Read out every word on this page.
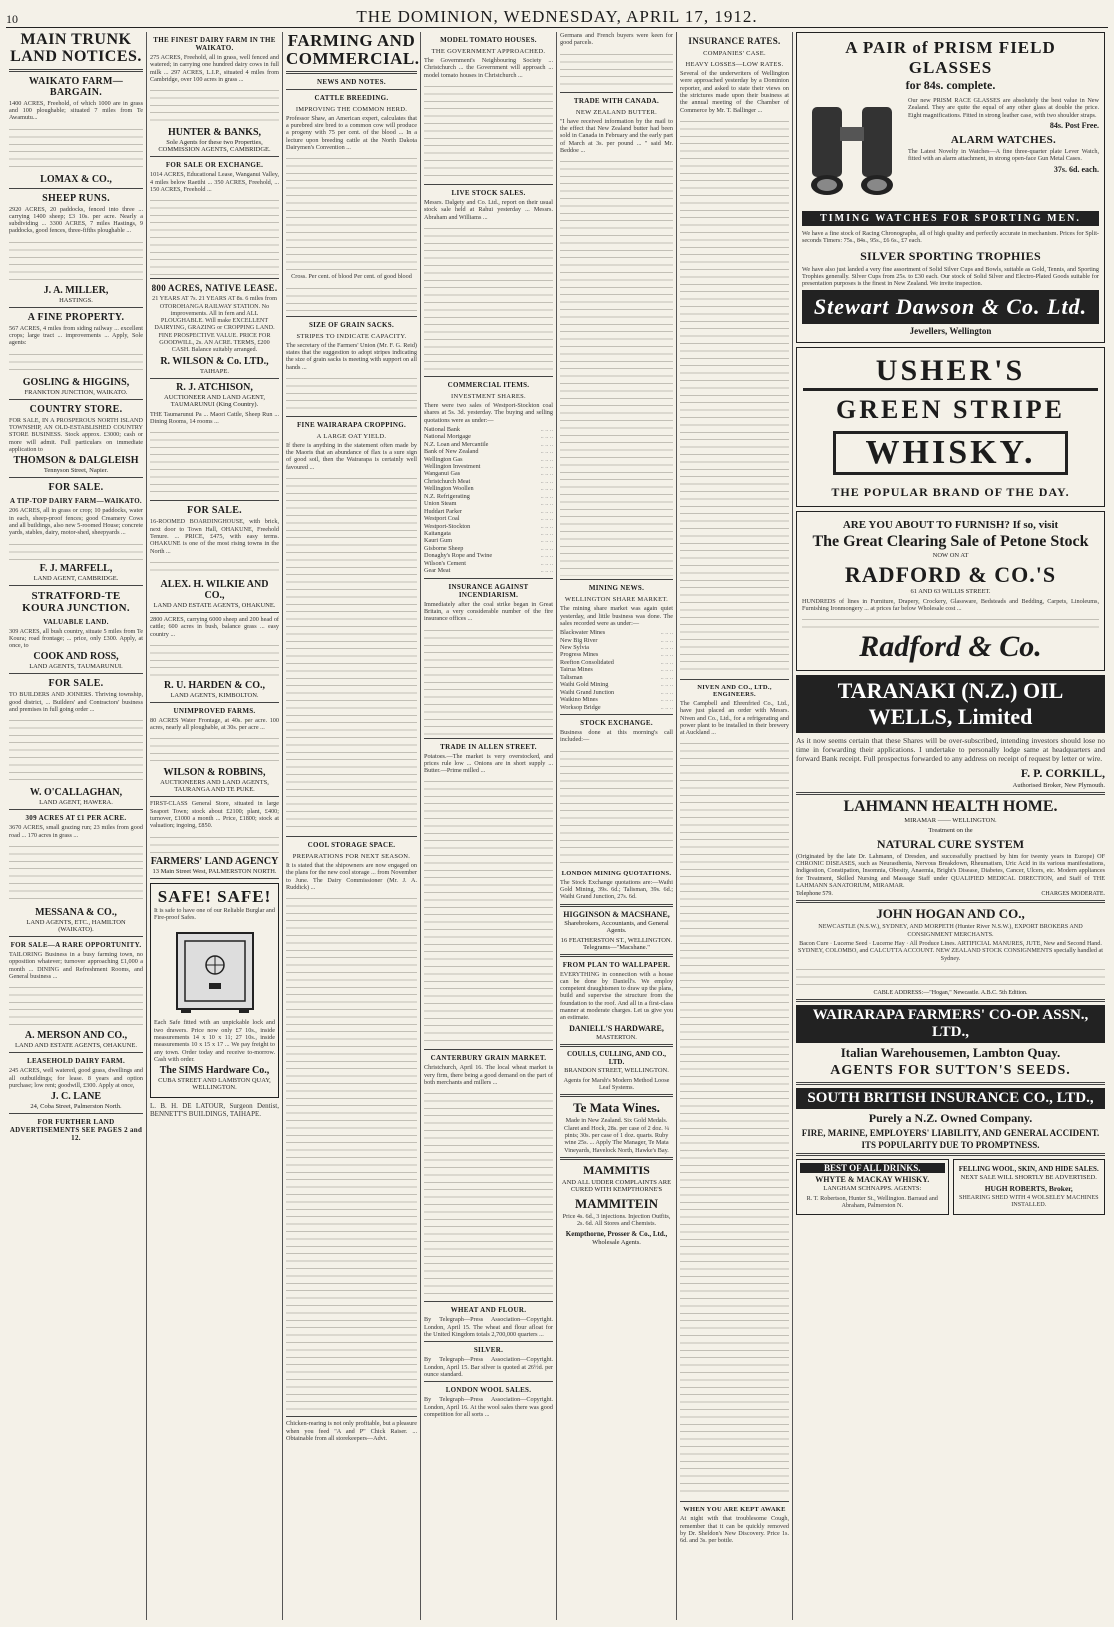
10	THE DOMINION, WEDNESDAY, APRIL 17, 1912.
MAIN TRUNK LAND NOTICES.
WAIKATO FARM—BARGAIN.
1400 ACRES, Freehold, of which 1000 are in grass and 100 ploughable; situated 7 miles from Te Awamutu...
LOMAX & CO.,
SHEEP RUNS.
2920 ACRES, 20 paddocks, fenced into three ... carrying 1400 sheep; £3 10s. per acre. Nearly a subdividing ... 3300 ACRES, 7 miles Hastings, 9 paddocks, good fences, three-fifths ploughable ...
J. A. MILLER,
HASTINGS.
A FINE PROPERTY.
567 ACRES, 4 miles from siding railway ... excellent crops; large tract ... improvements ... Apply, Sole agents:
GOSLING & HIGGINS,
FRANKTON JUNCTION, WAIKATO.
COUNTRY STORE.
FOR SALE, IN A PROSPEROUS NORTH ISLAND TOWNSHIP, AN OLD-ESTABLISHED COUNTRY STORE BUSINESS. Stock approx. £3000; cash or more will admit. Full particulars on immediate application to
THOMSON & DALGLEISH
Tennyson Street, Napier.
FOR SALE.
A TIP-TOP DAIRY FARM—WAIKATO.
206 ACRES, all in grass or crop; 10 paddocks, water in each, sheep-proof fences; good Creamery Cows and all buildings, also new 5-roomed House; concrete yards, stables, dairy, motor-shed, sheepyards ...
F. J. MARFELL,
LAND AGENT, CAMBRIDGE.
STRATFORD-TE KOURA JUNCTION.
VALUABLE LAND.
309 ACRES, all bush country, situate 5 miles from Te Koura; road frontage; ... price, only £300. Apply, at once, to
COOK AND ROSS,
LAND AGENTS, TAUMARUNUI.
FOR SALE.
TO BUILDERS AND JOINERS. Thriving township, good district, ... Builders' and Contractors' business and premises in full going order ...
W. O'CALLAGHAN,
LAND AGENT, HAWERA.
309 ACRES AT £1 PER ACRE.
3670 ACRES, small grazing run; 23 miles from good road ... 170 acres in grass ...
MESSANA & CO.,
LAND AGENTS, ETC., HAMILTON (WAIKATO).
FOR SALE—A RARE OPPORTUNITY.
TAILORING Business in a busy farming town, no opposition whatever; turnover approaching £1,000 a month ... DINING and Refreshment Rooms, and General business ...
A. MERSON AND CO.,
LAND AND ESTATE AGENTS, OHAKUNE.
LEASEHOLD DAIRY FARM.
245 ACRES, well watered, good grass, dwellings and all outbuildings; for lease. 8 years and option purchase; low rent; goodwill, £300. Apply at once,
J. C. LANE
24, Coba Street, Palmerston North.
FOR FURTHER LAND ADVERTISEMENTS SEE PAGES 2 and 12.
THE FINEST DAIRY FARM IN THE WAIKATO.
275 ACRES, Freehold, all in grass, well fenced and watered; in carrying one hundred dairy cows in full milk ... 297 ACRES, L.I.P., situated 4 miles from Cambridge, over 100 acres in grass ...
HUNTER & BANKS,
Sole Agents for these two Properties, COMMISSION AGENTS, CAMBRIDGE.
FOR SALE OR EXCHANGE.
1014 ACRES, Educational Lease, Wanganui Valley, 4 miles below Raetihi ... 350 ACRES, Freehold, ... 150 ACRES, Freehold ...
800 ACRES, NATIVE LEASE.
21 YEARS AT 7s. 21 YEARS AT 8s. 6 miles from OTOROHANGA RAILWAY STATION. No improvements. All in fern and ALL PLOUGHABLE. Will make EXCELLENT DAIRYING, GRAZING or CROPPING LAND. FINE PROSPECTIVE VALUE. PRICE FOR GOODWILL, 2s. AN ACRE. TERMS, £200 CASH. Balance suitably arranged.
R. WILSON & Co. LTD.,
TAIHAPE.
R. J. ATCHISON,
AUCTIONEER AND LAND AGENT, TAUMARUNUI (King Country).
THE Taumarunui Pa ... Maori Cattle, Sheep Run ... Dining Rooms, 14 rooms ...
FOR SALE.
16-ROOMED BOARDINGHOUSE, with brick, next door to Town Hall, OHAKUNE, Freehold Tenure. ... PRICE, £475, with easy terms. OHAKUNE is one of the most rising towns in the North ...
ALEX. H. WILKIE AND CO.,
LAND AND ESTATE AGENTS, OHAKUNE.
2800 ACRES, carrying 6000 sheep and 200 head of cattle; 600 acres in bush, balance grass ... easy country ...
R. U. HARDEN & CO.,
LAND AGENTS, KIMBOLTON.
UNIMPROVED FARMS.
80 ACRES Water Frontage, at 40s. per acre. 100 acres, nearly all ploughable, at 30s. per acre ...
WILSON & ROBBINS,
AUCTIONEERS AND LAND AGENTS, TAURANGA AND TE PUKE.
FIRST-CLASS General Store, situated in large Seaport Town; stock about £2100; plant, £400; turnover, £1000 a month ... Price, £1800; stock at valuation; ingoing, £850.
FARMERS' LAND AGENCY
13 Main Street West, PALMERSTON NORTH.
SAFE! SAFE!
It is safe to have one of our Reliable Burglar and Fire-proof Safes.
Each Safe fitted with an unpickable lock and two drawers. Price now only £7 10s., inside measurements 14 x 10 x 11; 27 10s., inside measurements 10 x 15 x 17 ... We pay freight to any town. Order today and receive to-morrow. Cash with order.
The SIMS Hardware Co.,
CUBA STREET AND LAMBTON QUAY, WELLINGTON.
L. B. H. DE LATOUR, Surgeon Dentist, BENNETT'S BUILDINGS, TAIHAPE.
FARMING AND COMMERCIAL.
NEWS AND NOTES.
CATTLE BREEDING.
IMPROVING THE COMMON HERD.
Professor Shaw, an American expert, calculates that a purebred sire bred to a common cow will produce a progeny with 75 per cent. of the blood ... In a lecture upon breeding cattle at the North Dakota Dairymen's Convention ...
Cross. Per cent. of blood Per cent. of good blood
SIZE OF GRAIN SACKS.
STRIPES TO INDICATE CAPACITY.
The secretary of the Farmers' Union (Mr. F. G. Reid) states that the suggestion to adopt stripes indicating the size of grain sacks is meeting with support on all hands ...
FINE WAIRARAPA CROPPING.
A LARGE OAT YIELD.
If there is anything in the statement often made by the Maoris that an abundance of flax is a sure sign of good soil, then the Wairarapa is certainly well favoured ...
COOL STORAGE SPACE.
PREPARATIONS FOR NEXT SEASON.
It is stated that the shipowners are now engaged on the plans for the new cool storage ... from November to June. The Dairy Commissioner (Mr. J. A. Ruddick) ...
Chicken-rearing is not only profitable, but a pleasure when you feed "A and P" Chick Raiser. ... Obtainable from all storekeepers—Advt.
MODEL TOMATO HOUSES.
THE GOVERNMENT APPROACHED.
The Government's Neighbouring Society ... Christchurch ... the Government will approach ... model tomato houses in Christchurch ...
LIVE STOCK SALES.
Messrs. Dalgety and Co. Ltd., report on their usual stock sale held at Rahui yesterday ... Messrs. Abraham and Williams ...
COMMERCIAL ITEMS.
INVESTMENT SHARES.
There were two sales of Westport-Stockton coal shares at 5s. 3d. yesterday. The buying and selling quotations were as under:—
National Bank	.. .. ..
National Mortgage	.. .. ..
N.Z. Loan and Mercantile	.. .. ..
Bank of New Zealand	.. .. ..
Wellington Gas	.. .. ..
Wellington Investment	.. .. ..
Wanganui Gas	.. .. ..
Christchurch Meat	.. .. ..
Wellington Woollen	.. .. ..
N.Z. Refrigerating	.. .. ..
Union Steam	.. .. ..
Huddart Parker	.. .. ..
Westport Coal	.. .. ..
Westport-Stockton	.. .. ..
Kaitangata	.. .. ..
Kauri Gum	.. .. ..
Gisborne Sheep	.. .. ..
Donaghy's Rope and Twine	.. .. ..
Wilson's Cement	.. .. ..
Gear Meat	.. .. ..
INSURANCE AGAINST INCENDIARISM.
Immediately after the coal strike began in Great Britain, a very considerable number of the fire insurance offices ...
TRADE IN ALLEN STREET.
Potatoes.—The market is very overstocked, and prices rule low ... Onions are in short supply ... Butter.—Prime milled ...
CANTERBURY GRAIN MARKET.
Christchurch, April 16. The local wheat market is very firm, there being a good demand on the part of both merchants and millers ...
WHEAT AND FLOUR.
By Telegraph—Press Association—Copyright. London, April 15. The wheat and flour afloat for the United Kingdom totals 2,700,000 quarters ...
SILVER.
By Telegraph—Press Association—Copyright. London, April 15. Bar silver is quoted at 26½d. per ounce standard.
LONDON WOOL SALES.
By Telegraph—Press Association—Copyright. London, April 16. At the wool sales there was good competition for all sorts ...
Germans and French buyers were keen for good parcels.
TRADE WITH CANADA.
NEW ZEALAND BUTTER.
"I have received information by the mail to the effect that New Zealand butter had been sold in Canada in February and the early part of March at 3s. per pound ... " said Mr. Beddoe ...
MINING NEWS.
WELLINGTON SHARE MARKET.
The mining share market was again quiet yesterday, and little business was done. The sales recorded were as under:—
Blackwater Mines	.. .. ..
New Big River	.. .. ..
New Sylvia	.. .. ..
Progress Mines	.. .. ..
Reefton Consolidated	.. .. ..
Tairua Mines	.. .. ..
Talisman	.. .. ..
Waihi Gold Mining	.. .. ..
Waihi Grand Junction	.. .. ..
Waikino Mines	.. .. ..
Worksop Bridge	.. .. ..
STOCK EXCHANGE.
Business done at this morning's call included:—
LONDON MINING QUOTATIONS.
The Stock Exchange quotations are:—Waihi Gold Mining, 39s. 6d.; Talisman, 39s. 6d.; Waihi Grand Junction, 27s. 6d.
HIGGINSON & MACSHANE,
Sharebrokers, Accountants, and General Agents.
16 FEATHERSTON ST., WELLINGTON. Telegrams—"Macshane."
FROM PLAN TO WALLPAPER.
EVERYTHING in connection with a house can be done by Daniell's. We employ competent draughtsmen to draw up the plans, build and supervise the structure from the foundation to the roof. And all in a first-class manner at moderate charges. Let us give you an estimate.
DANIELL'S HARDWARE,
MASTERTON.
COULLS, CULLING, AND CO., LTD.
BRANDON STREET, WELLINGTON.
Agents for Marsh's Modern Method Loose Leaf Systems.
Te Mata Wines.
Made in New Zealand. Six Gold Medals. Claret and Hock, 28s. per case of 2 doz. ¼ pints; 30s. per case of 1 doz. quarts. Ruby wine 25s. ... Apply The Manager, Te Mata Vineyards, Havelock North, Hawke's Bay.
MAMMITIS
AND ALL UDDER COMPLAINTS ARE CURED WITH KEMPTHORNE'S
MAMMITEIN
Price 4s. 6d., 3 injections. Injection Outfits, 2s. 6d. All Stores and Chemists.
Kempthorne, Prosser & Co., Ltd.,
Wholesale Agents.
INSURANCE RATES.
COMPANIES' CASE.
HEAVY LOSSES—LOW RATES.
Several of the underwriters of Wellington were approached yesterday by a Dominion reporter, and asked to state their views on the strictures made upon their business at the annual meeting of the Chamber of Commerce by Mr. T. Ballinger ...
NIVEN AND CO., LTD., ENGINEERS.
The Campbell and Ehrenfried Co., Ltd., have just placed an order with Messrs. Niven and Co., Ltd., for a refrigerating and power plant to be installed in their brewery at Auckland ...
WHEN YOU ARE KEPT AWAKE
At night with that troublesome Cough, remember that it can be quickly removed by Dr. Sheldon's New Discovery. Price 1s. 6d. and 3s. per bottle.
A PAIR of PRISM FIELD GLASSES
for 84s. complete.
Our new PRISM RACE GLASSES are absolutely the best value in New Zealand. They are quite the equal of any other glass at double the price. Eight magnifications. Fitted in strong leather case, with two shoulder straps.
84s. Post Free.
ALARM WATCHES.
The Latest Novelty in Watches—A fine three-quarter plate Lever Watch, fitted with an alarm attachment, in strong open-face Gun Metal Cases.
37s. 6d. each.
TIMING WATCHES FOR SPORTING MEN.
We have a fine stock of Racing Chronographs, all of high quality and perfectly accurate in mechanism. Prices for Split-seconds Timers: 75s., 84s., 95s., £6 6s., £7 each.
SILVER SPORTING TROPHIES
We have also just landed a very fine assortment of Solid Silver Cups and Bowls, suitable as Gold, Tennis, and Sporting Trophies generally. Silver Cups from 25s. to £30 each. Our stock of Solid Silver and Electro-Plated Goods suitable for presentation purposes is the finest in New Zealand. We invite inspection.
Stewart Dawson & Co. Ltd.
Jewellers, Wellington
USHER'S
GREEN STRIPE
WHISKY.
THE POPULAR BRAND OF THE DAY.
ARE YOU ABOUT TO FURNISH? If so, visit
The Great Clearing Sale of Petone Stock
NOW ON AT
RADFORD & CO.'S
61 AND 63 WILLIS STREET.
HUNDREDS of lines in Furniture, Drapery, Crockery, Glassware, Bedsteads and Bedding, Carpets, Linoleums, Furnishing Ironmongery ... at prices far below Wholesale cost ...
Radford & Co.
TARANAKI (N.Z.) OIL WELLS, Limited
As it now seems certain that these Shares will be over-subscribed, intending investors should lose no time in forwarding their applications. I undertake to personally lodge same at headquarters and forward Bank receipt. Full prospectus forwarded to any address on receipt of request by letter or wire.
F. P. CORKILL,
Authorised Broker, New Plymouth.
LAHMANN HEALTH HOME.
MIRAMAR —— WELLINGTON.
Treatment on the
NATURAL CURE SYSTEM
(Originated by the late Dr. Lahmann, of Dresden, and successfully practised by him for twenty years in Europe) OF CHRONIC DISEASES, such as Neurasthenia, Nervous Breakdown, Rheumatism, Uric Acid in its various manifestations, Indigestion, Constipation, Insomnia, Obesity, Anaemia, Bright's Disease, Diabetes, Cancer, Ulcers, etc. Modern appliances for Treatment, Skilled Nursing and Massage Staff under QUALIFIED MEDICAL DIRECTION, and Staff of THE LAHMANN SANATORIUM, MIRAMAR.
Telephone 579.	CHARGES MODERATE.
JOHN HOGAN AND CO.,
NEWCASTLE (N.S.W.), SYDNEY, AND MORPETH (Hunter River N.S.W.), EXPORT BROKERS AND CONSIGNMENT MERCHANTS.
Bacon Cure · Lucerne Seed · Lucerne Hay · All Produce Lines. ARTIFICIAL MANURES, JUTE, New and Second Hand. SYDNEY, COLOMBO, and CALCUTTA ACCOUNT. NEW ZEALAND STOCK CONSIGNMENTS specially handled at Sydney.
CABLE ADDRESS:—"Hogan," Newcastle. A.B.C. 5th Edition.
WAIRARAPA FARMERS' CO-OP. ASSN., LTD.,
Italian Warehousemen, Lambton Quay.
AGENTS FOR SUTTON'S SEEDS.
SOUTH BRITISH INSURANCE CO., LTD.,
Purely a N.Z. Owned Company.
FIRE, MARINE, EMPLOYERS' LIABILITY, AND GENERAL ACCIDENT.
ITS POPULARITY DUE TO PROMPTNESS.
BEST OF ALL DRINKS.
WHYTE & MACKAY WHISKY.
LANGHAM SCHNAPPS. AGENTS:
R. T. Robertson, Hunter St., Wellington. Barraud and Abraham, Palmerston N.
FELLING WOOL, SKIN, AND HIDE SALES.
NEXT SALE WILL SHORTLY BE ADVERTISED.
HUGH ROBERTS, Broker,
SHEARING SHED WITH 4 WOLSELEY MACHINES INSTALLED.
